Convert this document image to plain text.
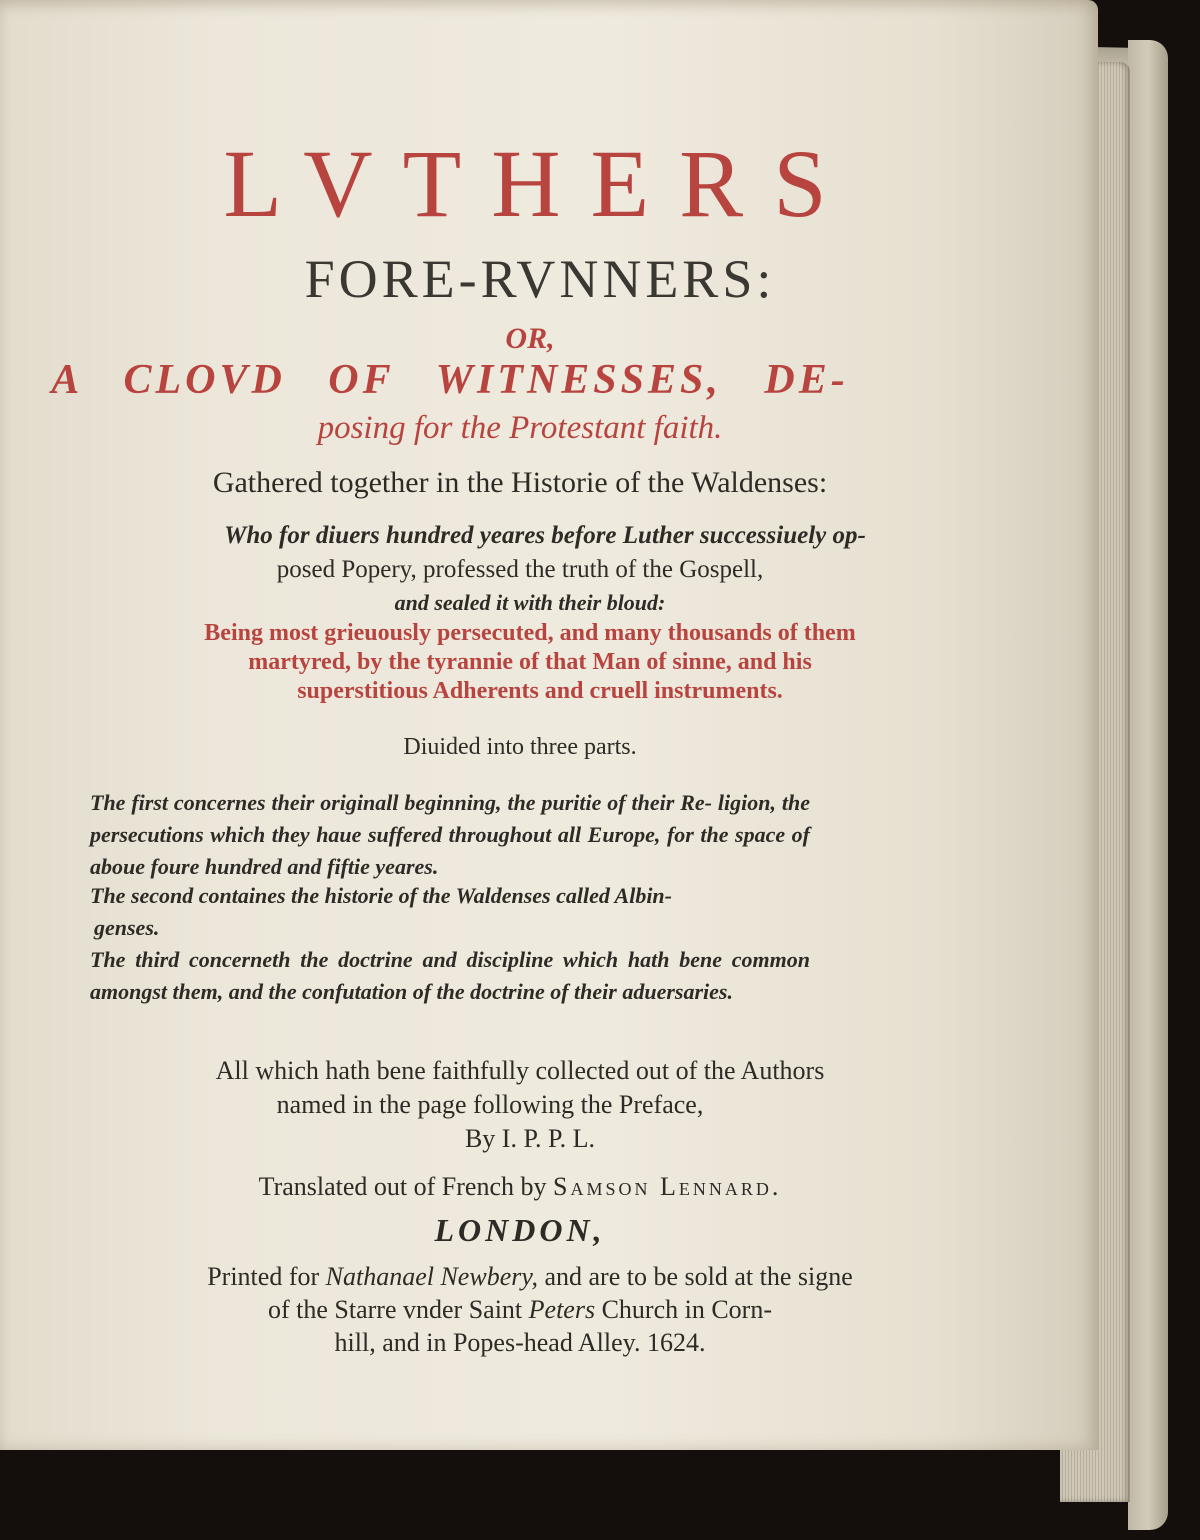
LVTHERS

FORE-RVNNERS:

OR,

A CLOVD OF WITNESSES, DE-

posing for the Protestant faith.

Gathered together in the Historie of the Waldenses:

Who for diuers hundred yeares before Luther successiuely op-

posed Popery, professed the truth of the Gospell,

and sealed it with their bloud:

Being most grieuously persecuted, and many thousands of them

martyred, by the tyrannie of that Man of sinne, and his

superstitious Adherents and cruell instruments.

Diuided into three parts.

The first concernes their originall beginning, the puritie of their Re- ligion, the persecutions which they haue suffered throughout all Europe, for the space of aboue foure hundred and fiftie yeares.

The second containes the historie of the Waldenses called Albin-
genses.

The third concerneth the doctrine and discipline which hath bene common amongst them, and the confutation of the doctrine of their aduersaries.

All which hath bene faithfully collected out of the Authors

named in the page following the Preface,

By I. P. P. L.

Translated out of French by Samson Lennard.

LONDON,

Printed for Nathanael Newbery, and are to be sold at the signe

of the Starre vnder Saint Peters Church in Corn-

hill, and in Popes-head Alley. 1624.
